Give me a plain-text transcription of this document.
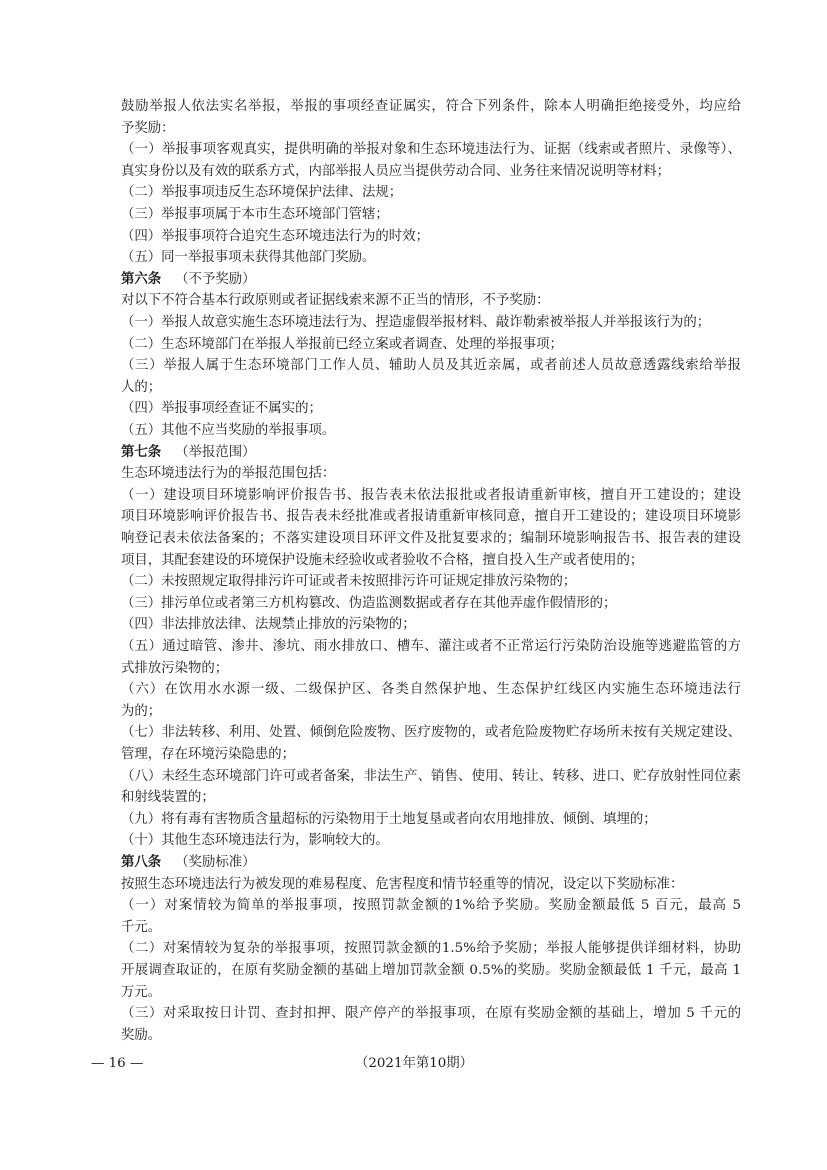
鼓励举报人依法实名举报，举报的事项经查证属实，符合下列条件，除本人明确拒绝接受外，均应给
予奖励：
（一）举报事项客观真实，提供明确的举报对象和生态环境违法行为、证据（线索或者照片、录像等）、
真实身份以及有效的联系方式，内部举报人员应当提供劳动合同、业务往来情况说明等材料；
（二）举报事项违反生态环境保护法律、法规；
（三）举报事项属于本市生态环境部门管辖；
（四）举报事项符合追究生态环境违法行为的时效；
（五）同一举报事项未获得其他部门奖励。
第六条 （不予奖励）
对以下不符合基本行政原则或者证据线索来源不正当的情形，不予奖励：
（一）举报人故意实施生态环境违法行为、捏造虚假举报材料、敲诈勒索被举报人并举报该行为的；
（二）生态环境部门在举报人举报前已经立案或者调查、处理的举报事项；
（三）举报人属于生态环境部门工作人员、辅助人员及其近亲属，或者前述人员故意透露线索给举报
人的；
（四）举报事项经查证不属实的；
（五）其他不应当奖励的举报事项。
第七条 （举报范围）
生态环境违法行为的举报范围包括：
（一）建设项目环境影响评价报告书、报告表未依法报批或者报请重新审核，擅自开工建设的；建设
项目环境影响评价报告书、报告表未经批准或者报请重新审核同意，擅自开工建设的；建设项目环境影
响登记表未依法备案的；不落实建设项目环评文件及批复要求的；编制环境影响报告书、报告表的建设
项目，其配套建设的环境保护设施未经验收或者验收不合格，擅自投入生产或者使用的；
（二）未按照规定取得排污许可证或者未按照排污许可证规定排放污染物的；
（三）排污单位或者第三方机构篡改、伪造监测数据或者存在其他弄虚作假情形的；
（四）非法排放法律、法规禁止排放的污染物的；
（五）通过暗管、渗井、渗坑、雨水排放口、槽车、灌注或者不正常运行污染防治设施等逃避监管的方
式排放污染物的；
（六）在饮用水水源一级、二级保护区、各类自然保护地、生态保护红线区内实施生态环境违法行
为的；
（七）非法转移、利用、处置、倾倒危险废物、医疗废物的，或者危险废物贮存场所未按有关规定建设、
管理，存在环境污染隐患的；
（八）未经生态环境部门许可或者备案，非法生产、销售、使用、转让、转移、进口、贮存放射性同位素
和射线装置的；
（九）将有毒有害物质含量超标的污染物用于土地复垦或者向农用地排放、倾倒、填埋的；
（十）其他生态环境违法行为，影响较大的。
第八条 （奖励标准）
按照生态环境违法行为被发现的难易程度、危害程度和情节轻重等的情况，设定以下奖励标准：
（一）对案情较为简单的举报事项，按照罚款金额的1%给予奖励。奖励金额最低 5 百元，最高 5
千元。
（二）对案情较为复杂的举报事项，按照罚款金额的1.5%给予奖励；举报人能够提供详细材料，协助
开展调查取证的，在原有奖励金额的基础上增加罚款金额 0.5%的奖励。奖励金额最低 1 千元，最高 1
万元。
（三）对采取按日计罚、查封扣押、限产停产的举报事项，在原有奖励金额的基础上，增加 5 千元的
奖励。
— 16 —	（2021年第10期）
